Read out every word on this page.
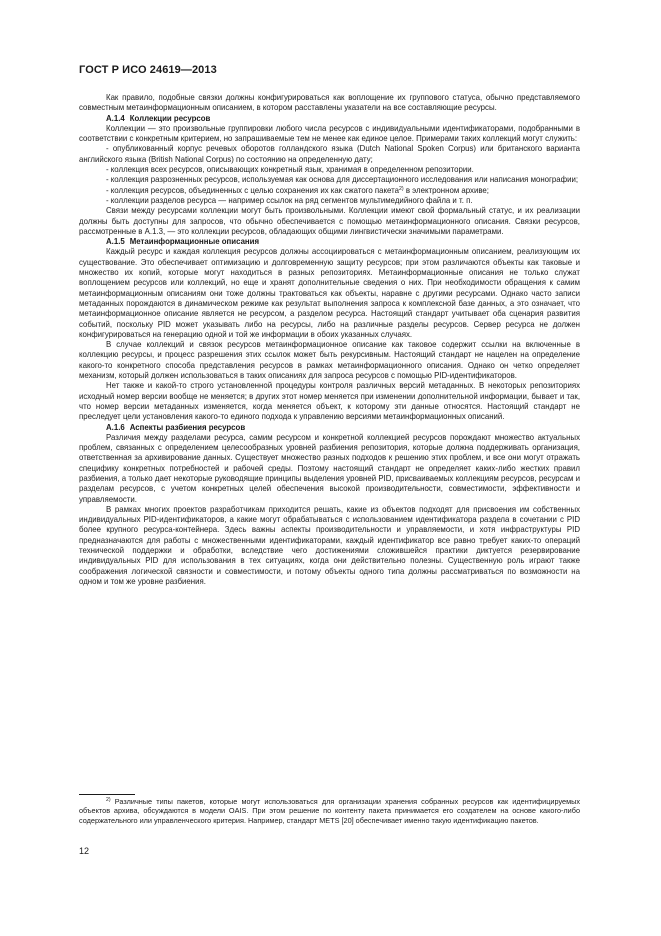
ГОСТ Р ИСО 24619—2013

Как правило, подобные связки должны конфигурироваться как воплощение их группового статуса, обычно представляемого совместным метаинформационным описанием, в котором расставлены указатели на все составляющие ресурсы.

А.1.4 Коллекции ресурсов

Коллекции — это произвольные группировки любого числа ресурсов с индивидуальными идентификаторами, подобранными в соответствии с конкретным критерием, но запрашиваемые тем не менее как единое целое. Примерами таких коллекций могут служить:

- опубликованный корпус речевых оборотов голландского языка (Dutch National Spoken Corpus) или британского варианта английского языка (British National Corpus) по состоянию на определенную дату;

- коллекция всех ресурсов, описывающих конкретный язык, хранимая в определенном репозитории.

- коллекция разрозненных ресурсов, используемая как основа для диссертационного исследования или написания монографии;

- коллекция ресурсов, объединенных с целью сохранения их как сжатого пакета$^{2)}$ в электронном архиве;

- коллекции разделов ресурса — например ссылок на ряд сегментов мультимедийного файла и т. п.

Связи между ресурсами коллекции могут быть произвольными. Коллекции имеют свой формальный статус, и их реализации должны быть доступны для запросов, что обычно обеспечивается с помощью метаинформационного описания. Связки ресурсов, рассмотренные в А.1.3, — это коллекции ресурсов, обладающих общими лингвистически значимыми параметрами.

А.1.5 Метаинформационные описания

Каждый ресурс и каждая коллекция ресурсов должны ассоциироваться с метаинформационным описанием, реализующим их существование. Это обеспечивает оптимизацию и долговременную защиту ресурсов; при этом различаются объекты как таковые и множество их копий, которые могут находиться в разных репозиториях. Метаинформационные описания не только служат воплощением ресурсов или коллекций, но еще и хранят дополнительные сведения о них. При необходимости обращения к самим метаинформационным описаниям они тоже должны трактоваться как объекты, наравне с другими ресурсами. Однако часто записи метаданных порождаются в динамическом режиме как результат выполнения запроса к комплексной базе данных, а это означает, что метаинформационное описание является не ресурсом, а разделом ресурса. Настоящий стандарт учитывает оба сценария развития событий, поскольку PID может указывать либо на ресурсы, либо на различные разделы ресурсов. Сервер ресурса не должен конфигурироваться на генерацию одной и той же информации в обоих указанных случаях.

В случае коллекций и связок ресурсов метаинформационное описание как таковое содержит ссылки на включенные в коллекцию ресурсы, и процесс разрешения этих ссылок может быть рекурсивным. Настоящий стандарт не нацелен на определение какого-то конкретного способа представления ресурсов в рамках метаинформационного описания. Однако он четко определяет механизм, который должен использоваться в таких описаниях для запроса ресурсов с помощью PID-идентификаторов.

Нет также и какой-то строго установленной процедуры контроля различных версий метаданных. В некоторых репозиториях исходный номер версии вообще не меняется; в других этот номер меняется при изменении дополнительной информации, бывает и так, что номер версии метаданных изменяется, когда меняется объект, к которому эти данные относятся. Настоящий стандарт не преследует цели установления какого-то единого подхода к управлению версиями метаинформационных описаний.

А.1.6 Аспекты разбиения ресурсов

Различия между разделами ресурса, самим ресурсом и конкретной коллекцией ресурсов порождают множество актуальных проблем, связанных с определением целесообразных уровней разбиения репозитория, которые должна поддерживать организация, ответственная за архивирование данных. Существует множество разных подходов к решению этих проблем, и все они могут отражать специфику конкретных потребностей и рабочей среды. Поэтому настоящий стандарт не определяет каких-либо жестких правил разбиения, а только дает некоторые руководящие принципы выделения уровней PID, присваиваемых коллекциям ресурсов, ресурсам и разделам ресурсов, с учетом конкретных целей обеспечения высокой производительности, совместимости, эффективности и управляемости.

В рамках многих проектов разработчикам приходится решать, какие из объектов подходят для присвоения им собственных индивидуальных PID-идентификаторов, а какие могут обрабатываться с использованием идентификатора раздела в сочетании с PID более крупного ресурса-контейнера. Здесь важны аспекты производительности и управляемости, и хотя инфраструктуры PID предназначаются для работы с множественными идентификаторами, каждый идентификатор все равно требует каких-то операций технической поддержки и обработки, вследствие чего достижениями сложившейся практики диктуется резервирование индивидуальных PID для использования в тех ситуациях, когда они действительно полезны. Существенную роль играют также соображения логической связности и совместимости, и потому объекты одного типа должны рассматриваться по возможности на одном и том же уровне разбиения.

$^{2)}$ Различные типы пакетов, которые могут использоваться для организации хранения собранных ресурсов как идентифицируемых объектов архива, обсуждаются в модели OAIS. При этом решение по контенту пакета принимается его создателем на основе какого-либо содержательного или управленческого критерия. Например, стандарт METS [20] обеспечивает именно такую идентификацию пакетов.

12
